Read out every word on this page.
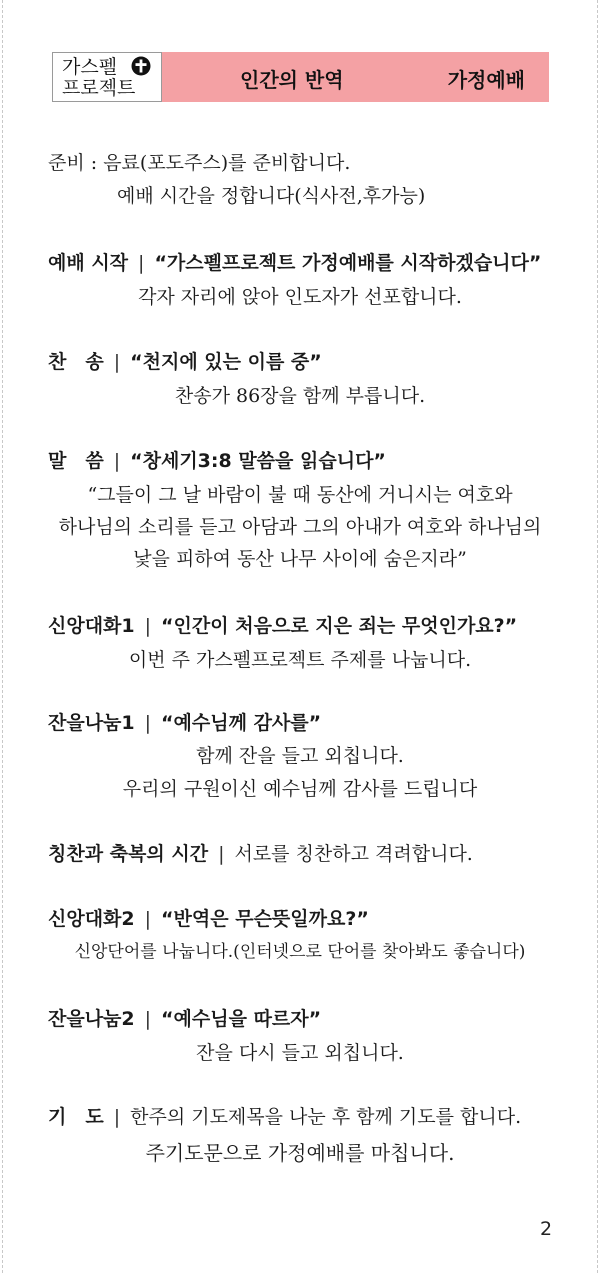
가스펠
프로젝트	인간의 반역	가정예배
준비 : 음료(포도주스)를 준비합니다.
예배 시간을 정합니다(식사전,후가능)
예배 시작 | “가스펠프로젝트 가정예배를 시작하겠습니다”
각자 자리에 앉아 인도자가 선포합니다.
찬　송 | “천지에 있는 이름 중”
찬송가 86장을 함께 부릅니다.
말　씀 | “창세기3:8 말씀을 읽습니다”
“그들이 그 날 바람이 불 때 동산에 거니시는 여호와
하나님의 소리를 듣고 아담과 그의 아내가 여호와 하나님의
낯을 피하여 동산 나무 사이에 숨은지라”
신앙대화1 | “인간이 처음으로 지은 죄는 무엇인가요?”
이번 주 가스펠프로젝트 주제를 나눕니다.
잔을나눔1 | “예수님께 감사를”
함께 잔을 들고 외칩니다.
우리의 구원이신 예수님께 감사를 드립니다
칭찬과 축복의 시간 | 서로를 칭찬하고 격려합니다.
신앙대화2 | “반역은 무슨뜻일까요?”
신앙단어를 나눕니다.(인터넷으로 단어를 찾아봐도 좋습니다)
잔을나눔2 | “예수님을 따르자”
잔을 다시 들고 외칩니다.
기　도 | 한주의 기도제목을 나눈 후 함께 기도를 합니다.
주기도문으로 가정예배를 마칩니다.
2
